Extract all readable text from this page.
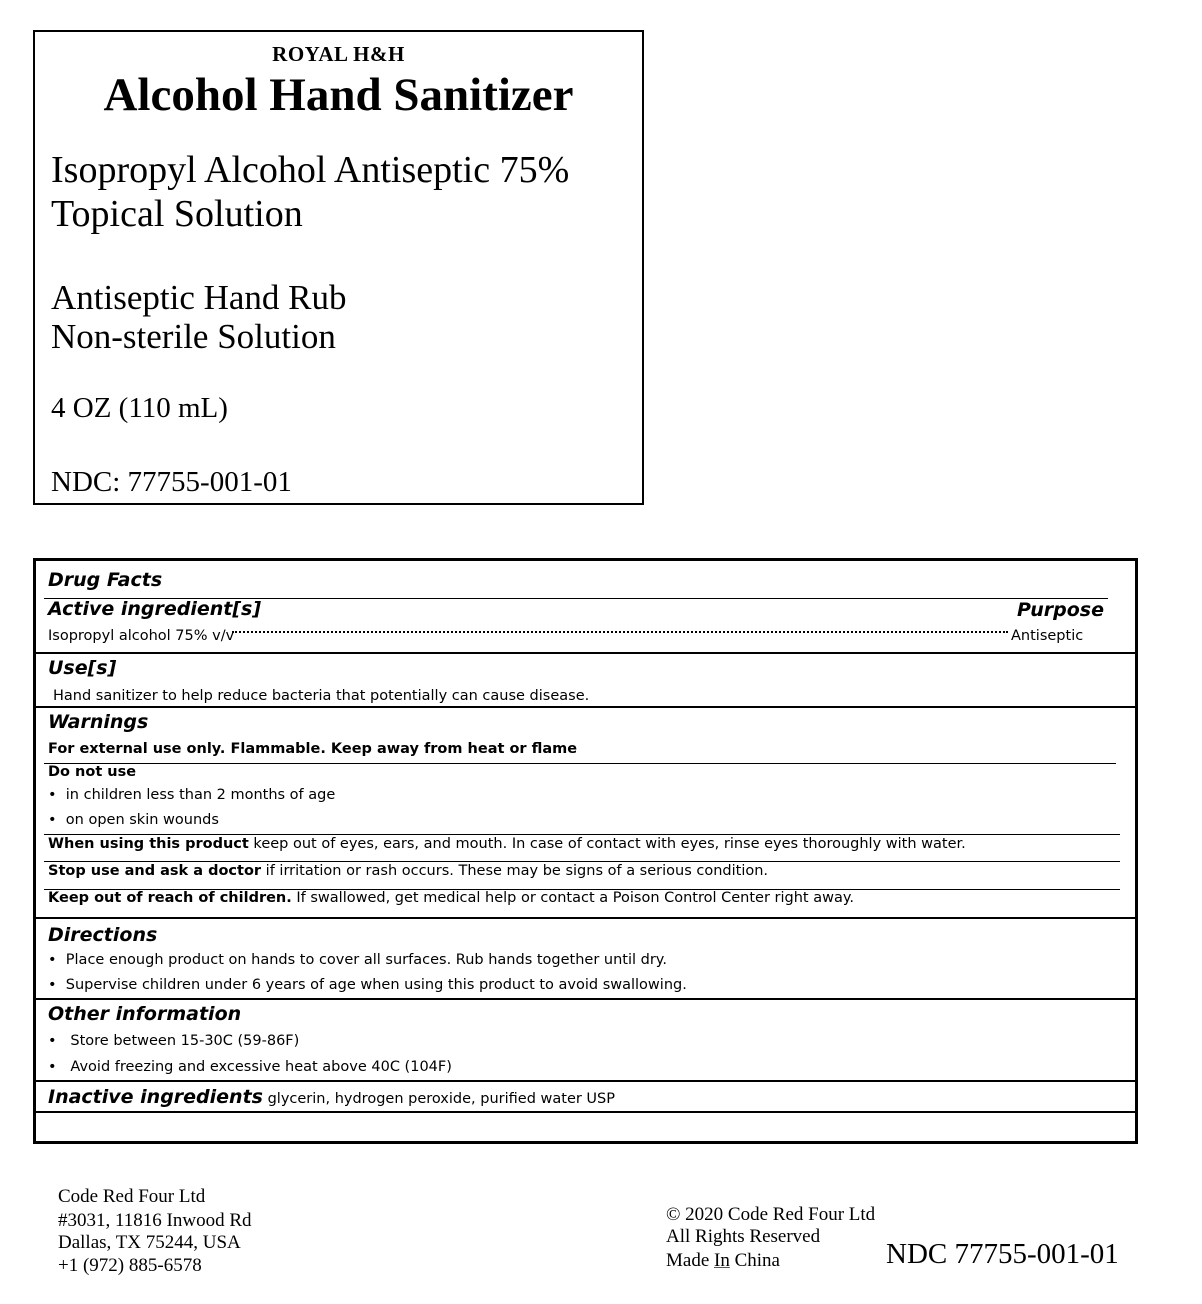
ROYAL H&H
Alcohol Hand Sanitizer
Isopropyl Alcohol Antiseptic 75%
Topical Solution
Antiseptic Hand Rub
Non-sterile Solution
4 OZ (110 mL)
NDC: 77755-001-01
Drug Facts
Active ingredient[s]	Purpose
Isopropyl alcohol 75% v/v	Antiseptic
Use[s]
Hand sanitizer to help reduce bacteria that potentially can cause disease.
Warnings
For external use only. Flammable. Keep away from heat or flame
Do not use
• in children less than 2 months of age
• on open skin wounds
When using this product keep out of eyes, ears, and mouth. In case of contact with eyes, rinse eyes thoroughly with water.
Stop use and ask a doctor if irritation or rash occurs. These may be signs of a serious condition.
Keep out of reach of children. If swallowed, get medical help or contact a Poison Control Center right away.
Directions
• Place enough product on hands to cover all surfaces. Rub hands together until dry.
• Supervise children under 6 years of age when using this product to avoid swallowing.
Other information
• Store between 15-30C (59-86F)
• Avoid freezing and excessive heat above 40C (104F)
Inactive ingredients glycerin, hydrogen peroxide, purified water USP
Code Red Four Ltd
#3031, 11816 Inwood Rd
Dallas, TX 75244, USA
+1 (972) 885-6578
© 2020 Code Red Four Ltd
All Rights Reserved
Made In China	NDC 77755-001-01
